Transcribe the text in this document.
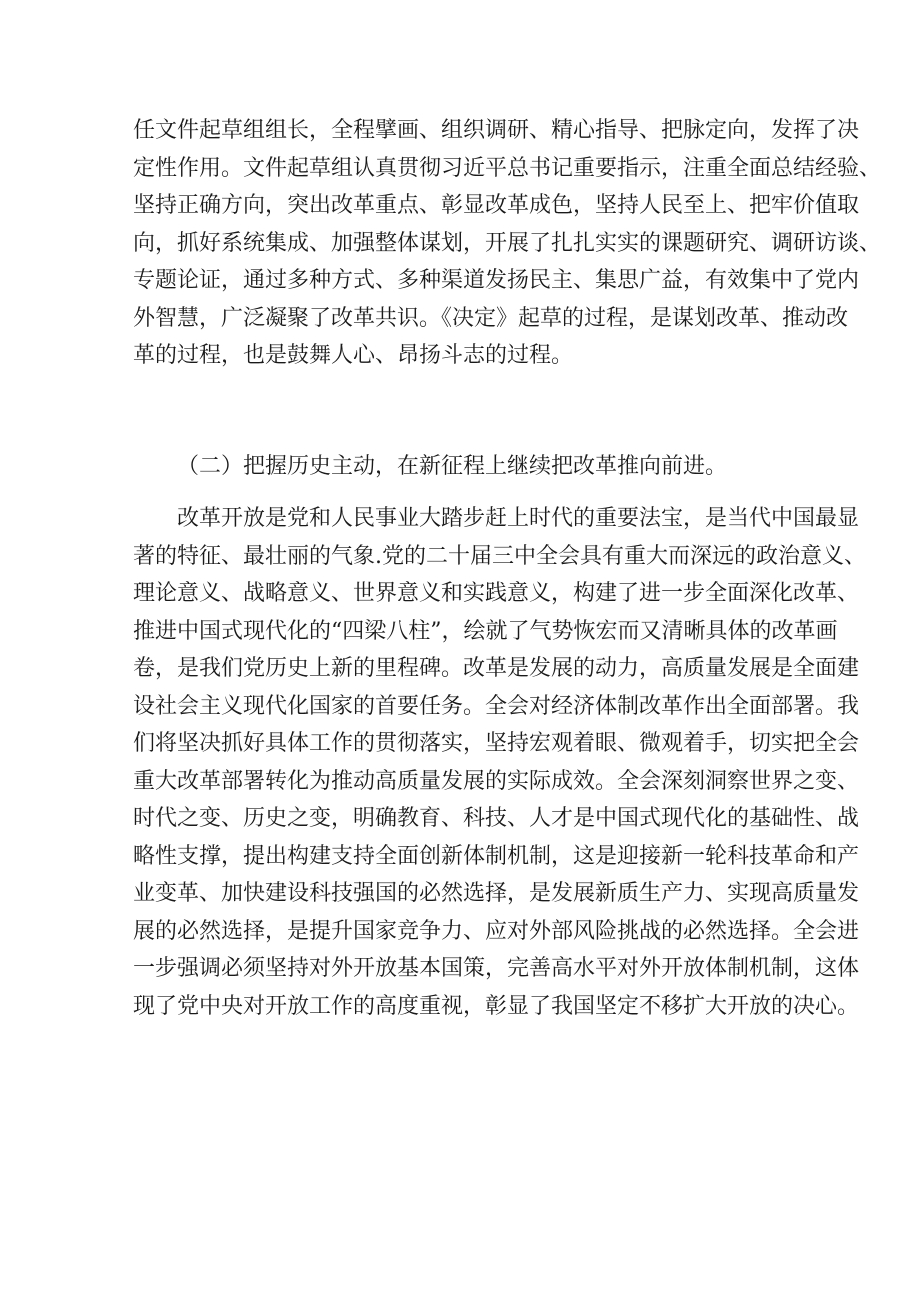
任文件起草组组长，全程擘画、组织调研、精心指导、把脉定向，发挥了决
定性作用。文件起草组认真贯彻习近平总书记重要指示，注重全面总结经验、
坚持正确方向，突出改革重点、彰显改革成色，坚持人民至上、把牢价值取
向，抓好系统集成、加强整体谋划，开展了扎扎实实的课题研究、调研访谈、
专题论证，通过多种方式、多种渠道发扬民主、集思广益，有效集中了党内
外智慧，广泛凝聚了改革共识。《决定》起草的过程，是谋划改革、推动改
革的过程，也是鼓舞人心、昂扬斗志的过程。
（二）把握历史主动，在新征程上继续把改革推向前进。
改革开放是党和人民事业大踏步赶上时代的重要法宝，是当代中国最显
著的特征、最壮丽的气象.党的二十届三中全会具有重大而深远的政治意义、
理论意义、战略意义、世界意义和实践意义，构建了进一步全面深化改革、
推进中国式现代化的“四梁八柱”，绘就了气势恢宏而又清晰具体的改革画
卷，是我们党历史上新的里程碑。改革是发展的动力，高质量发展是全面建
设社会主义现代化国家的首要任务。全会对经济体制改革作出全面部署。我
们将坚决抓好具体工作的贯彻落实，坚持宏观着眼、微观着手，切实把全会
重大改革部署转化为推动高质量发展的实际成效。全会深刻洞察世界之变、
时代之变、历史之变，明确教育、科技、人才是中国式现代化的基础性、战
略性支撑，提出构建支持全面创新体制机制，这是迎接新一轮科技革命和产
业变革、加快建设科技强国的必然选择，是发展新质生产力、实现高质量发
展的必然选择，是提升国家竞争力、应对外部风险挑战的必然选择。全会进
一步强调必须坚持对外开放基本国策，完善高水平对外开放体制机制，这体
现了党中央对开放工作的高度重视，彰显了我国坚定不移扩大开放的决心。
